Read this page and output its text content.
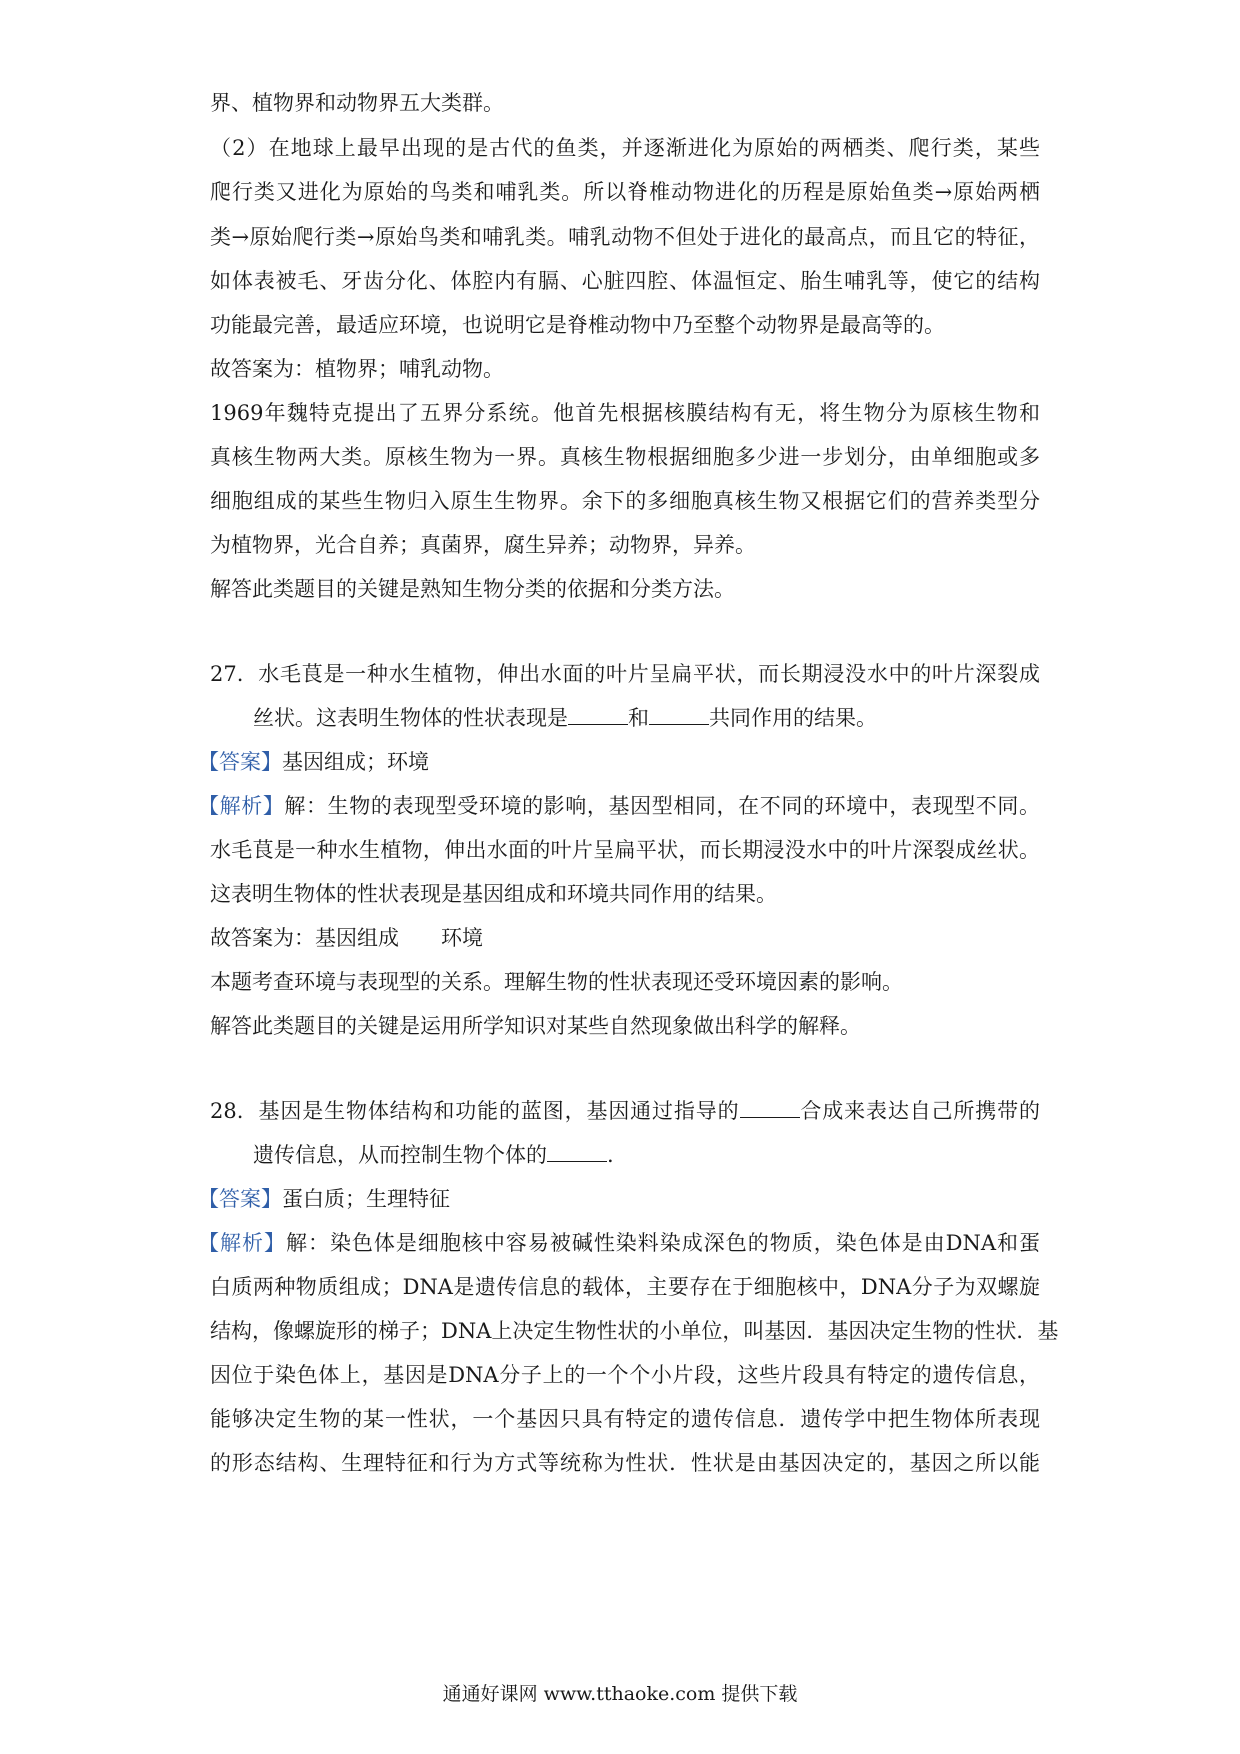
界、植物界和动物界五大类群。
（2）在地球上最早出现的是古代的鱼类，并逐渐进化为原始的两栖类、爬行类，某些
爬行类又进化为原始的鸟类和哺乳类。所以脊椎动物进化的历程是原始鱼类→原始两栖
类→原始爬行类→原始鸟类和哺乳类。哺乳动物不但处于进化的最高点，而且它的特征，
如体表被毛、牙齿分化、体腔内有膈、心脏四腔、体温恒定、胎生哺乳等，使它的结构
功能最完善，最适应环境，也说明它是脊椎动物中乃至整个动物界是最高等的。
故答案为：植物界；哺乳动物。
1969年魏特克提出了五界分系统。他首先根据核膜结构有无，将生物分为原核生物和
真核生物两大类。原核生物为一界。真核生物根据细胞多少进一步划分，由单细胞或多
细胞组成的某些生物归入原生生物界。余下的多细胞真核生物又根据它们的营养类型分
为植物界，光合自养；真菌界，腐生异养；动物界，异养。
解答此类题目的关键是熟知生物分类的依据和分类方法。
27. 水毛茛是一种水生植物，伸出水面的叶片呈扁平状，而长期浸没水中的叶片深裂成
丝状。这表明生物体的性状表现是	和	共同作用的结果。
【答案】基因组成；环境
【解析】解：生物的表现型受环境的影响，基因型相同，在不同的环境中，表现型不同。
水毛茛是一种水生植物，伸出水面的叶片呈扁平状，而长期浸没水中的叶片深裂成丝状。
这表明生物体的性状表现是基因组成和环境共同作用的结果。
故答案为：基因组成　　环境
本题考查环境与表现型的关系。理解生物的性状表现还受环境因素的影响。
解答此类题目的关键是运用所学知识对某些自然现象做出科学的解释。
28. 基因是生物体结构和功能的蓝图，基因通过指导的	合成来表达自己所携带的
遗传信息，从而控制生物个体的	.
【答案】蛋白质；生理特征
【解析】解：染色体是细胞核中容易被碱性染料染成深色的物质，染色体是由DNA和蛋
白质两种物质组成；DNA是遗传信息的载体，主要存在于细胞核中，DNA分子为双螺旋
结构，像螺旋形的梯子；DNA上决定生物性状的小单位，叫基因．基因决定生物的性状．基
因位于染色体上，基因是DNA分子上的一个个小片段，这些片段具有特定的遗传信息，
能够决定生物的某一性状，一个基因只具有特定的遗传信息．遗传学中把生物体所表现
的形态结构、生理特征和行为方式等统称为性状．性状是由基因决定的，基因之所以能
通通好课网 www.tthaoke.com 提供下载
